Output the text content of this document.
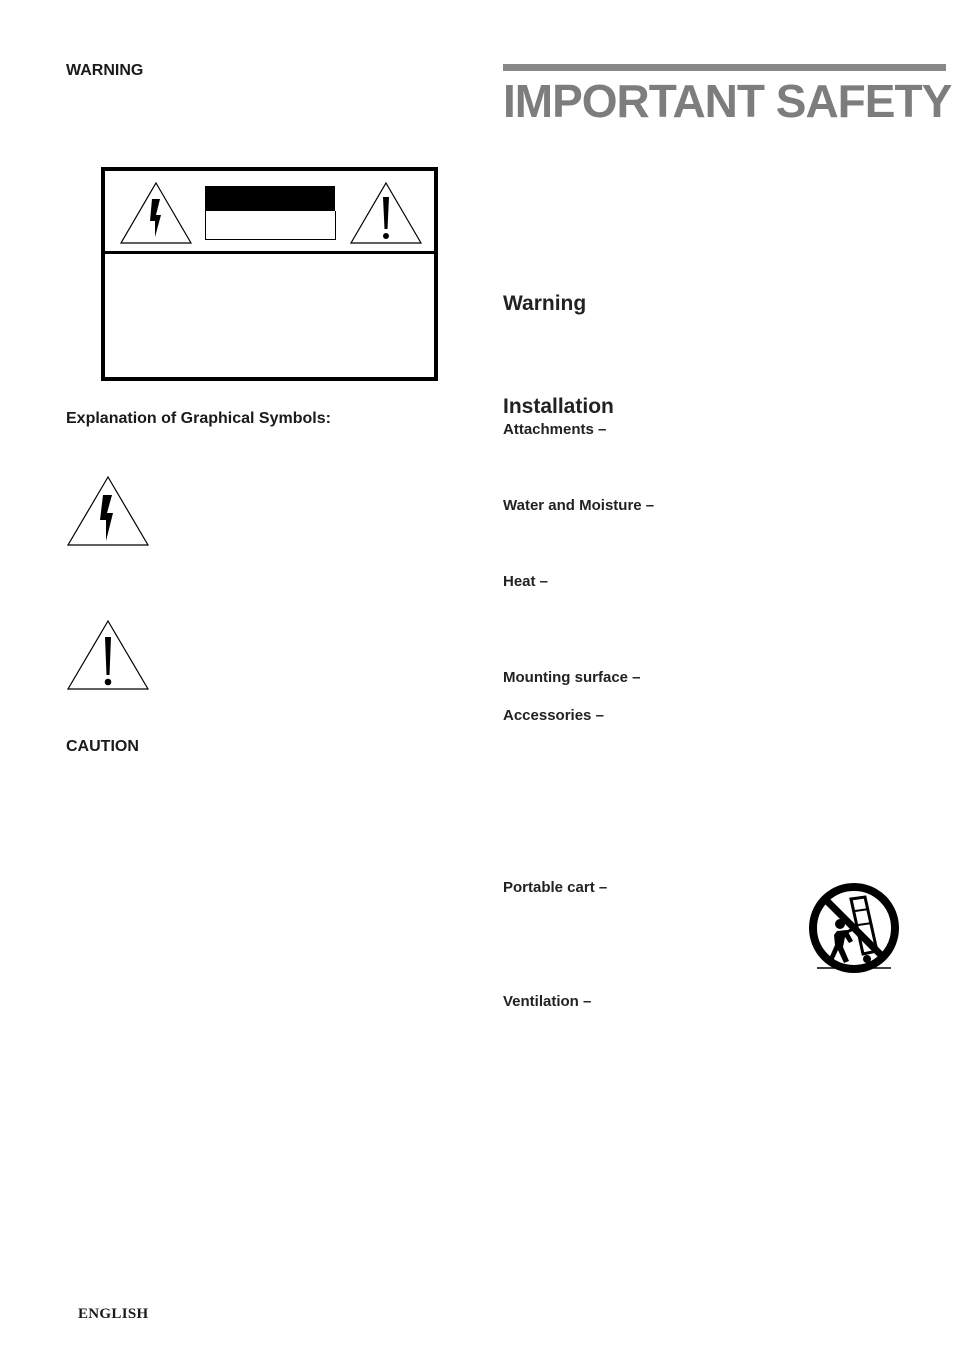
WARNING
Explanation of Graphical Symbols:
CAUTION
IMPORTANT SAFETY
Warning
Installation
Attachments –
Water and Moisture –
Heat –
Mounting surface –
Accessories –
Portable cart –
Ventilation –
ENGLISH
